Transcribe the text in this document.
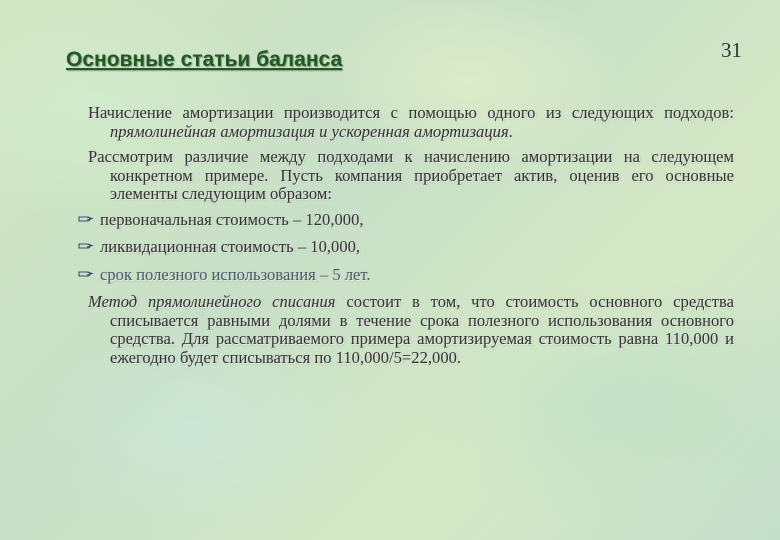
31
Основные статьи баланса

Начисление амортизации производится с помощью одного из следующих подходов: прямолинейная амортизация и ускоренная амортизация.

Рассмотрим различие между подходами к начислению амортизации на следующем конкретном примере. Пусть компания приобретает актив, оценив его основные элементы следующим образом:

первоначальная стоимость – 120,000,
ликвидационная стоимость – 10,000,
срок полезного использования – 5 лет.

Метод прямолинейного списания состоит в том, что стоимость основного средства списывается равными долями в течение срока полезного использования основного средства. Для рассматриваемого примера амортизируемая стоимость равна 110,000 и ежегодно будет списываться по 110,000/5=22,000.
